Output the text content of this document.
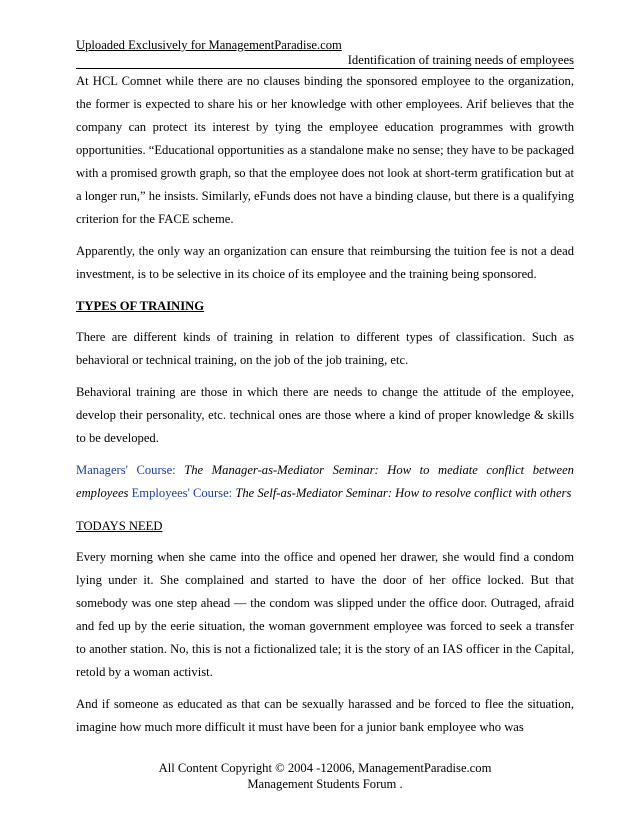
Uploaded Exclusively for ManagementParadise.com
Identification of training needs of employees

At HCL Comnet while there are no clauses binding the sponsored employee to the organization, the former is expected to share his or her knowledge with other employees. Arif believes that the company can protect its interest by tying the employee education programmes with growth opportunities. “Educational opportunities as a standalone make no sense; they have to be packaged with a promised growth graph, so that the employee does not look at short-term gratification but at a longer run,” he insists. Similarly, eFunds does not have a binding clause, but there is a qualifying criterion for the FACE scheme.

Apparently, the only way an organization can ensure that reimbursing the tuition fee is not a dead investment, is to be selective in its choice of its employee and the training being sponsored.

TYPES OF TRAINING

There are different kinds of training in relation to different types of classification. Such as behavioral or technical training, on the job of the job training, etc.

Behavioral training are those in which there are needs to change the attitude of the employee, develop their personality, etc. technical ones are those where a kind of proper knowledge & skills to be developed.

Managers' Course: The Manager-as-Mediator Seminar: How to mediate conflict between employees Employees' Course: The Self-as-Mediator Seminar: How to resolve conflict with others
TODAYS NEED

Every morning when she came into the office and opened her drawer, she would find a condom lying under it. She complained and started to have the door of her office locked. But that somebody was one step ahead — the condom was slipped under the office door. Outraged, afraid and fed up by the eerie situation, the woman government employee was forced to seek a transfer to another station. No, this is not a fictionalized tale; it is the story of an IAS officer in the Capital, retold by a woman activist.

And if someone as educated as that can be sexually harassed and be forced to flee the situation, imagine how much more difficult it must have been for a junior bank employee who was

All Content Copyright © 2004 -12006, ManagementParadise.com
Management Students Forum .
